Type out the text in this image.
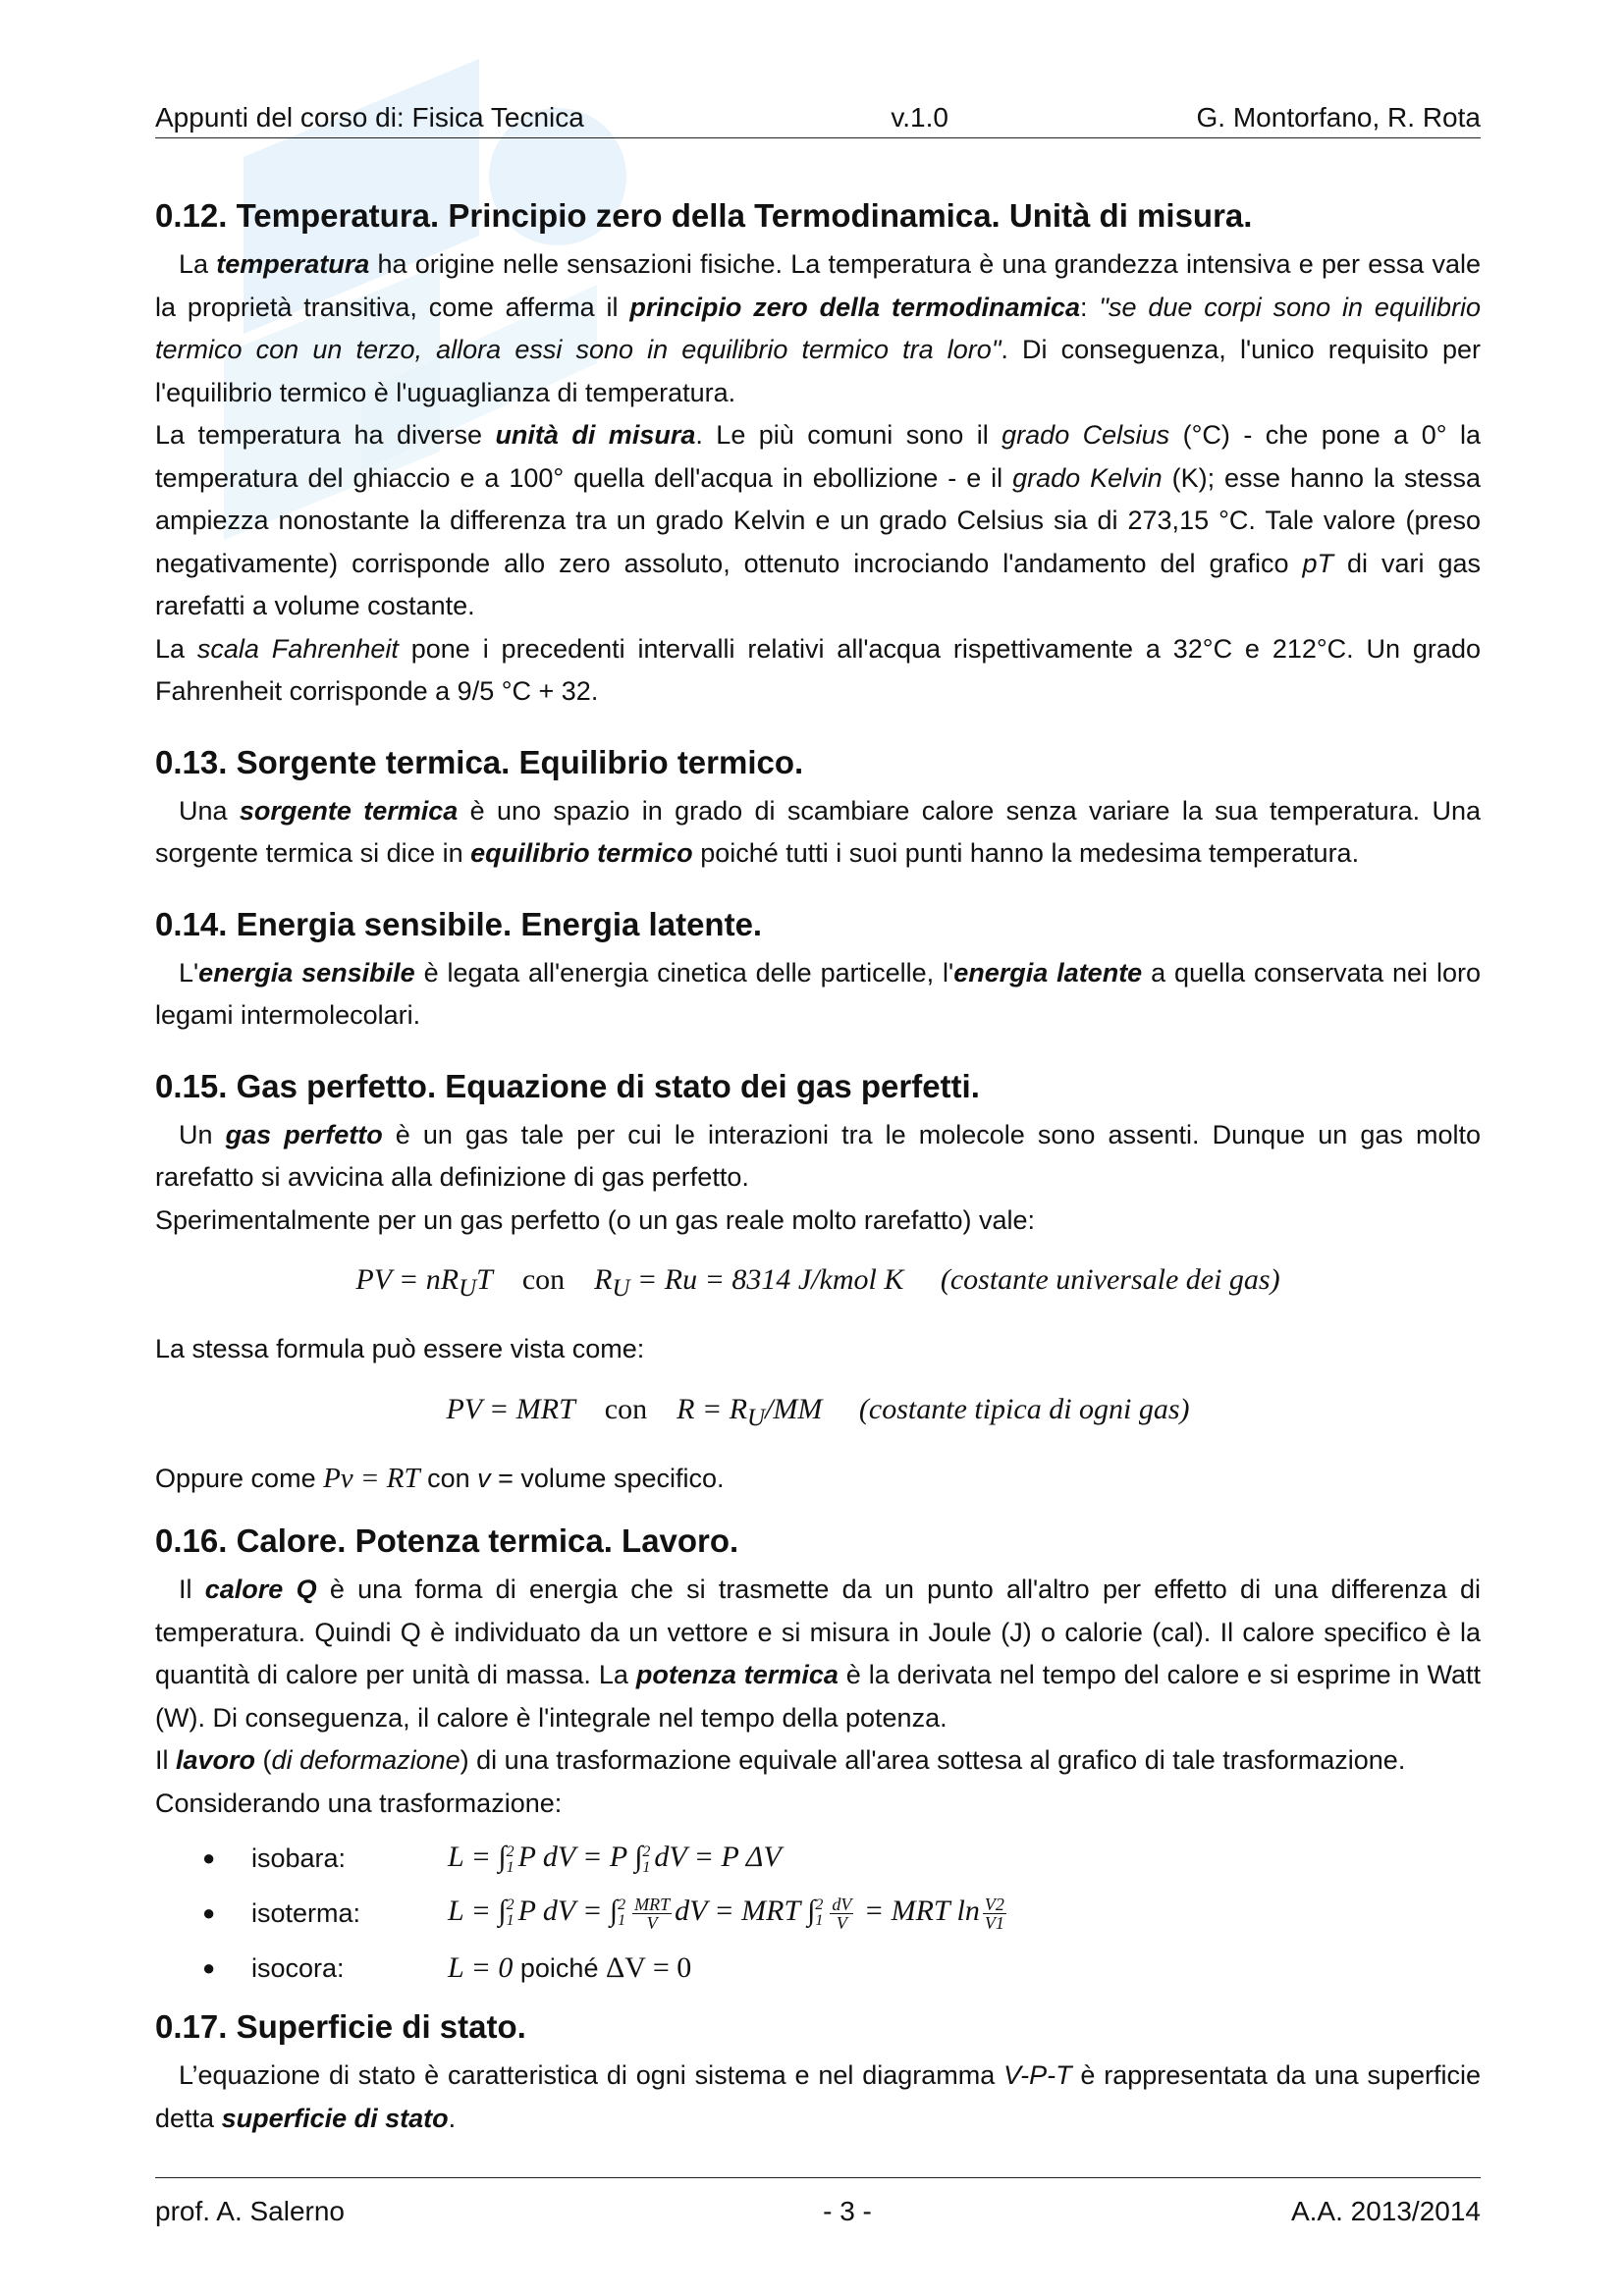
Appunti del corso di: Fisica Tecnica	v.1.0	G. Montorfano, R. Rota
0.12. Temperatura. Principio zero della Termodinamica. Unità di misura.

La temperatura ha origine nelle sensazioni fisiche. La temperatura è una grandezza intensiva e per essa vale la proprietà transitiva, come afferma il principio zero della termodinamica: "se due corpi sono in equilibrio termico con un terzo, allora essi sono in equilibrio termico tra loro". Di conseguenza, l'unico requisito per l'equilibrio termico è l'uguaglianza di temperatura.

La temperatura ha diverse unità di misura. Le più comuni sono il grado Celsius (°C) - che pone a 0° la temperatura del ghiaccio e a 100° quella dell'acqua in ebollizione - e il grado Kelvin (K); esse hanno la stessa ampiezza nonostante la differenza tra un grado Kelvin e un grado Celsius sia di 273,15 °C. Tale valore (preso negativamente) corrisponde allo zero assoluto, ottenuto incrociando l'andamento del grafico pT di vari gas rarefatti a volume costante.

La scala Fahrenheit pone i precedenti intervalli relativi all'acqua rispettivamente a 32°C e 212°C. Un grado Fahrenheit corrisponde a 9/5 °C + 32.

0.13. Sorgente termica. Equilibrio termico.

Una sorgente termica è uno spazio in grado di scambiare calore senza variare la sua temperatura. Una sorgente termica si dice in equilibrio termico poiché tutti i suoi punti hanno la medesima temperatura.

0.14. Energia sensibile. Energia latente.

L'energia sensibile è legata all'energia cinetica delle particelle, l'energia latente a quella conservata nei loro legami intermolecolari.

0.15. Gas perfetto. Equazione di stato dei gas perfetti.

Un gas perfetto è un gas tale per cui le interazioni tra le molecole sono assenti. Dunque un gas molto rarefatto si avvicina alla definizione di gas perfetto.

Sperimentalmente per un gas perfetto (o un gas reale molto rarefatto) vale:

PV = $nR_UT$ con $R_U = Ru = 8314$ J/kmol K (costante universale dei gas)

La stessa formula può essere vista come:

PV = MRT con $R = R_U/MM$ (costante tipica di ogni gas)

Oppure come Pv = RT con v = volume specifico.

0.16. Calore. Potenza termica. Lavoro.

Il calore Q è una forma di energia che si trasmette da un punto all'altro per effetto di una differenza di temperatura. Quindi Q è individuato da un vettore e si misura in Joule (J) o calorie (cal). Il calore specifico è la quantità di calore per unità di massa. La potenza termica è la derivata nel tempo del calore e si esprime in Watt (W). Di conseguenza, il calore è l'integrale nel tempo della potenza.

Il lavoro (di deformazione) di una trasformazione equivale all'area sottesa al grafico di tale trasformazione.

Considerando una trasformazione:

●	isobara:	L = ∫ 2
1 P dV = P ∫ 2
1 dV = P ΔV
●	isoterma:	L = ∫ 2
1 P dV = ∫ 2
$1 \frac{\text{MRT}}{V}$ dV = MRT ∫ 2
$1 \frac{dV}{V}$ = MRT $\ln \frac{V2}{V1}$
●	isocora:	L = 0 poiché ΔV = 0
0.17. Superficie di stato.

L’equazione di stato è caratteristica di ogni sistema e nel diagramma V-P-T è rappresentata da una superficie detta superficie di stato.

prof. A. Salerno	- 3 -	A.A. 2013/2014
